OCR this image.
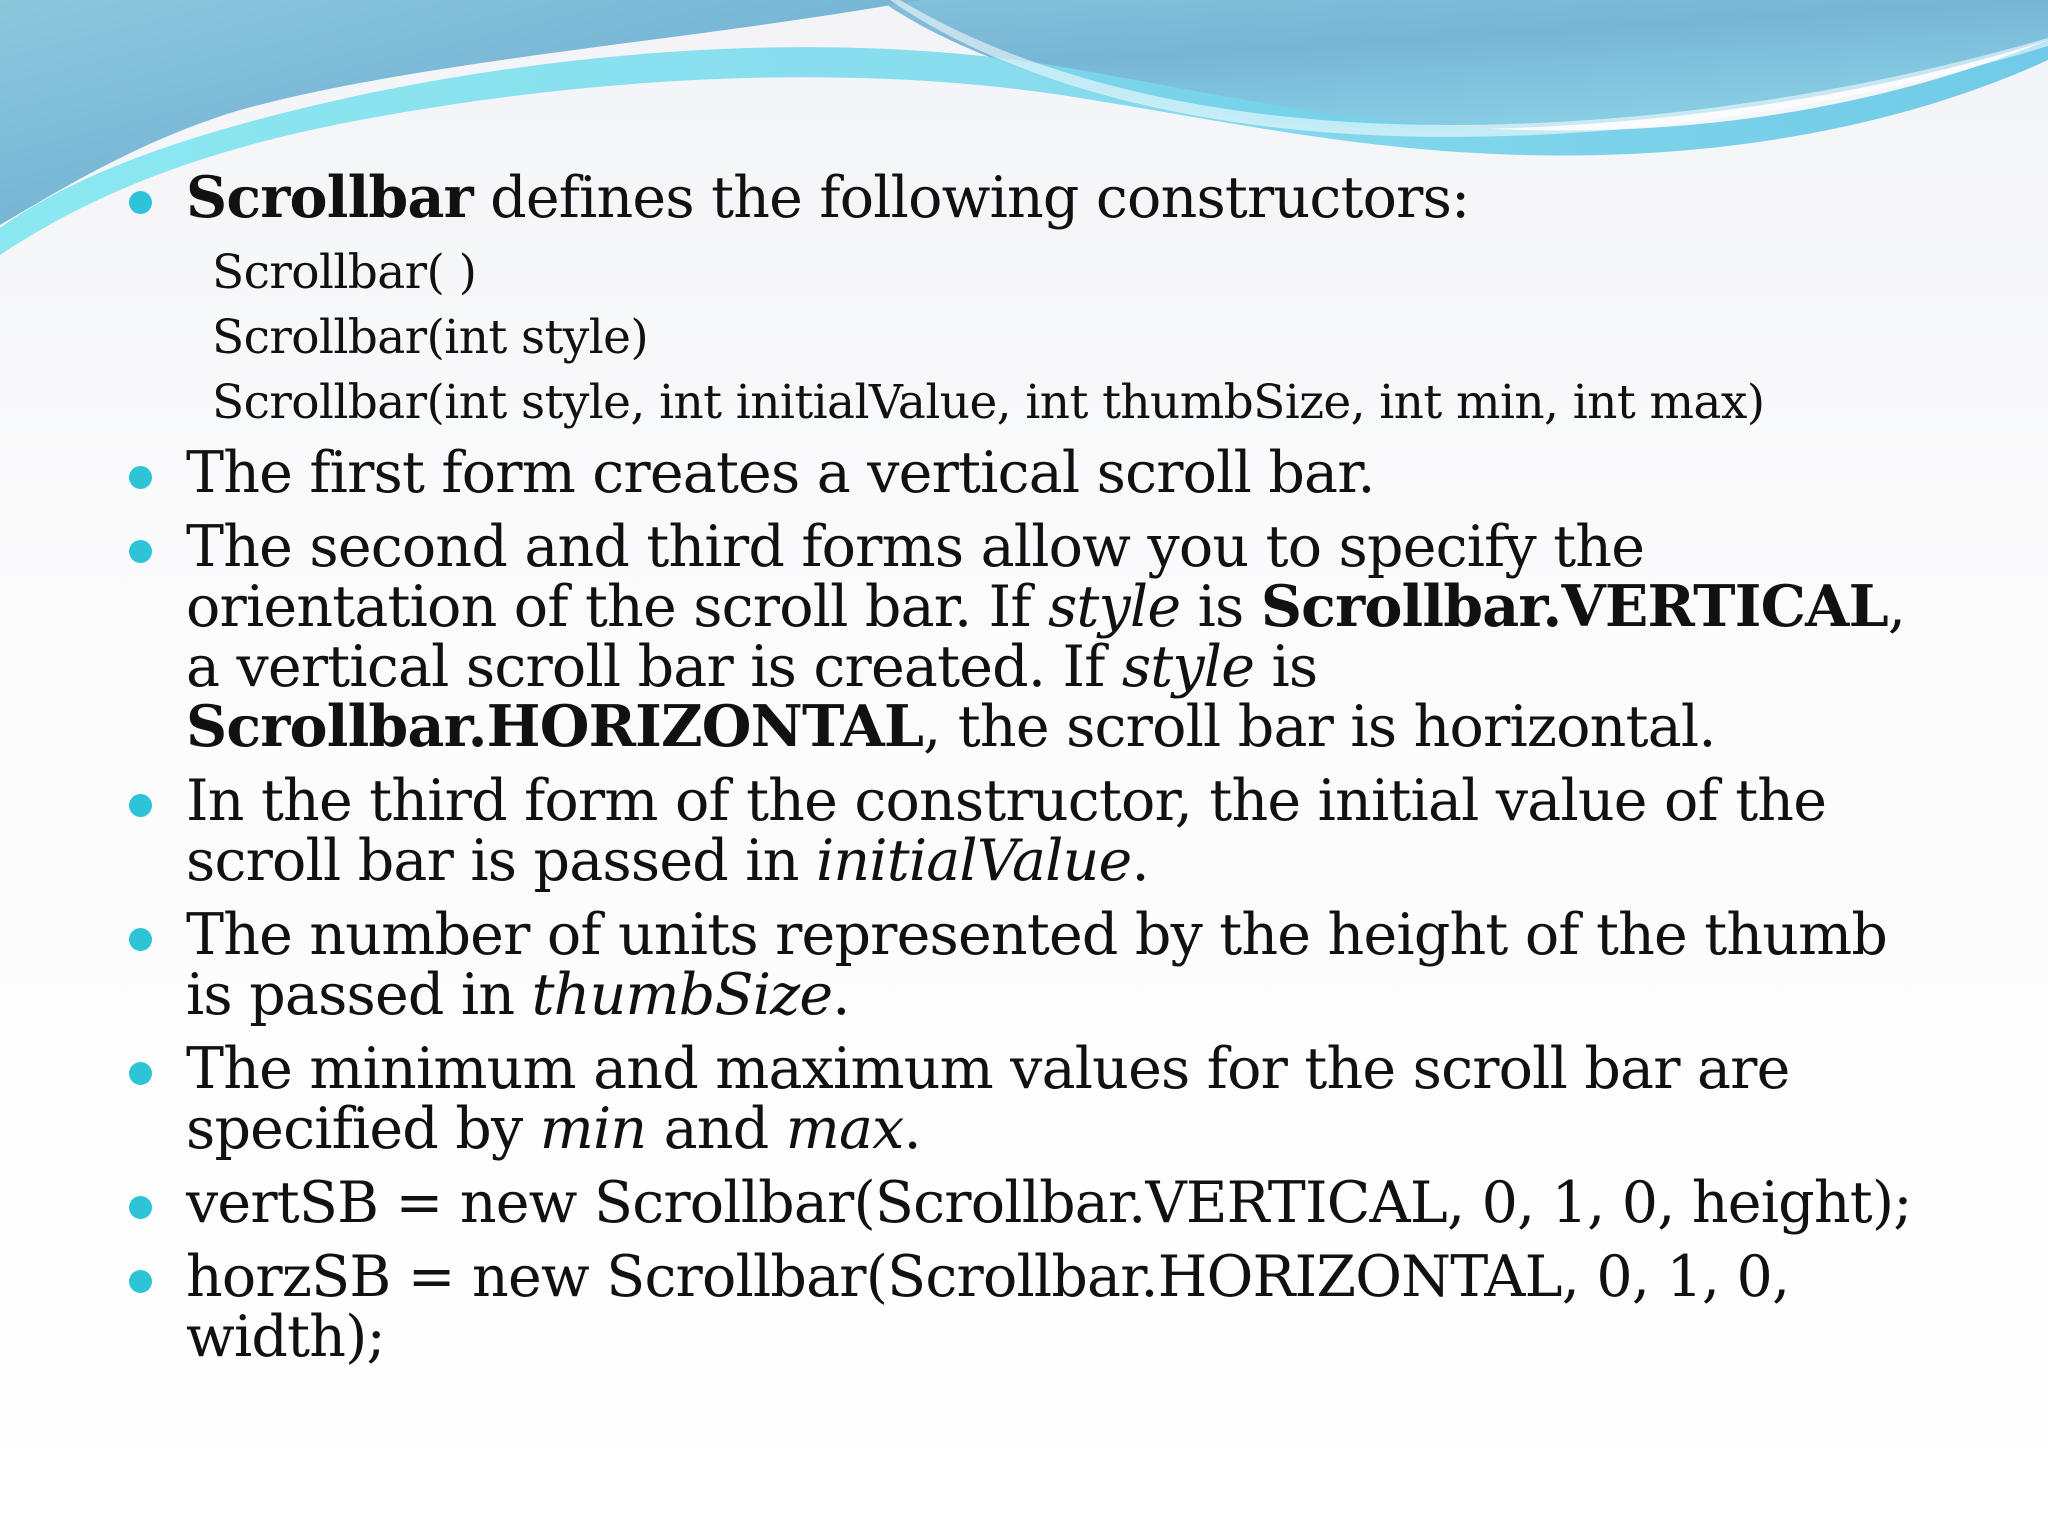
Scrollbar defines the following constructors:
Scrollbar( )
Scrollbar(int style)
Scrollbar(int style, int initialValue, int thumbSize, int min, int max)
The first form creates a vertical scroll bar.
The second and third forms allow you to specify the orientation of the scroll bar. If style is Scrollbar.VERTICAL, a vertical scroll bar is created. If style is Scrollbar.HORIZONTAL, the scroll bar is horizontal.
In the third form of the constructor, the initial value of the scroll bar is passed in initialValue.
The number of units represented by the height of the thumb is passed in thumbSize.
The minimum and maximum values for the scroll bar are specified by min and max.
vertSB = new Scrollbar(Scrollbar.VERTICAL, 0, 1, 0, height);
horzSB = new Scrollbar(Scrollbar.HORIZONTAL, 0, 1, 0, width);
